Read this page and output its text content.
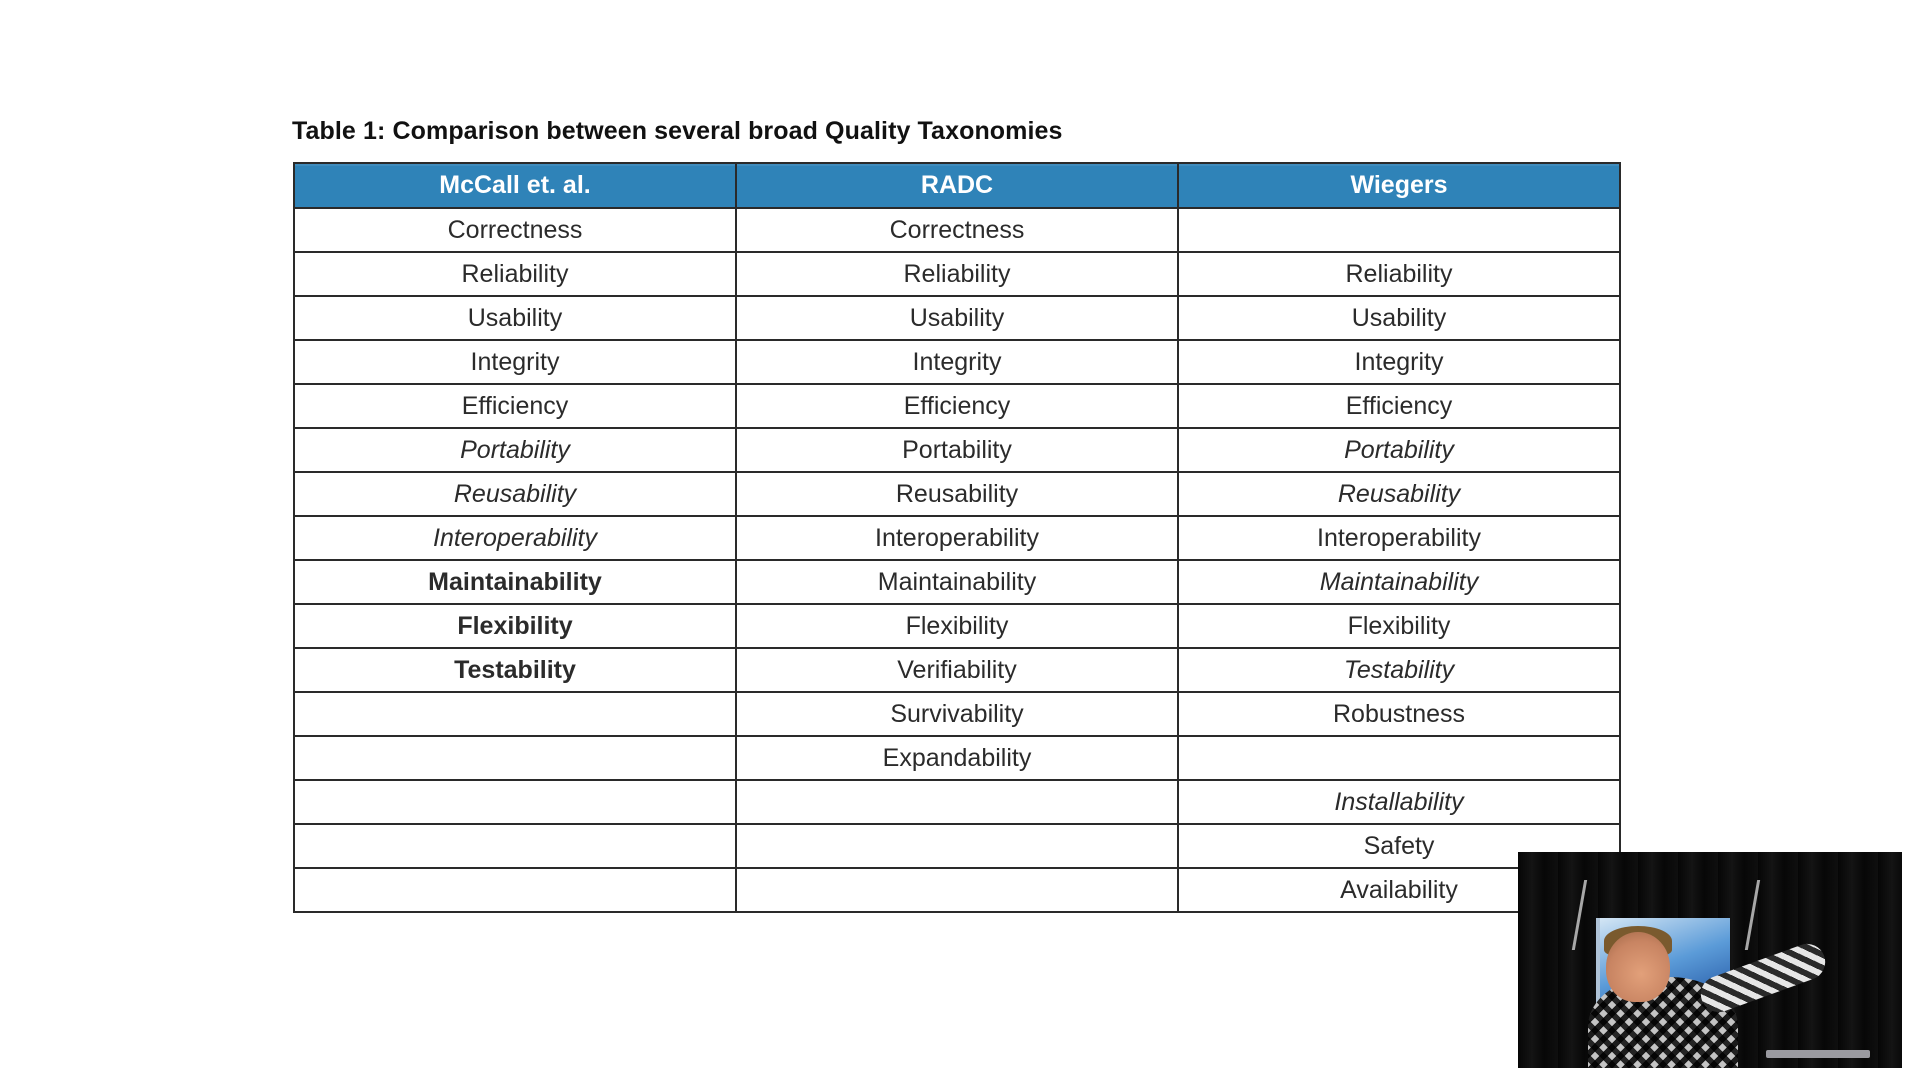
Table 1: Comparison between several broad Quality Taxonomies
McCall et. al.	RADC	Wiegers
Correctness	Correctness	
Reliability	Reliability	Reliability
Usability	Usability	Usability
Integrity	Integrity	Integrity
Efficiency	Efficiency	Efficiency
Portability	Portability	Portability
Reusability	Reusability	Reusability
Interoperability	Interoperability	Interoperability
Maintainability	Maintainability	Maintainability
Flexibility	Flexibility	Flexibility
Testability	Verifiability	Testability
	Survivability	Robustness
	Expandability	
		Installability
		Safety
		Availability
